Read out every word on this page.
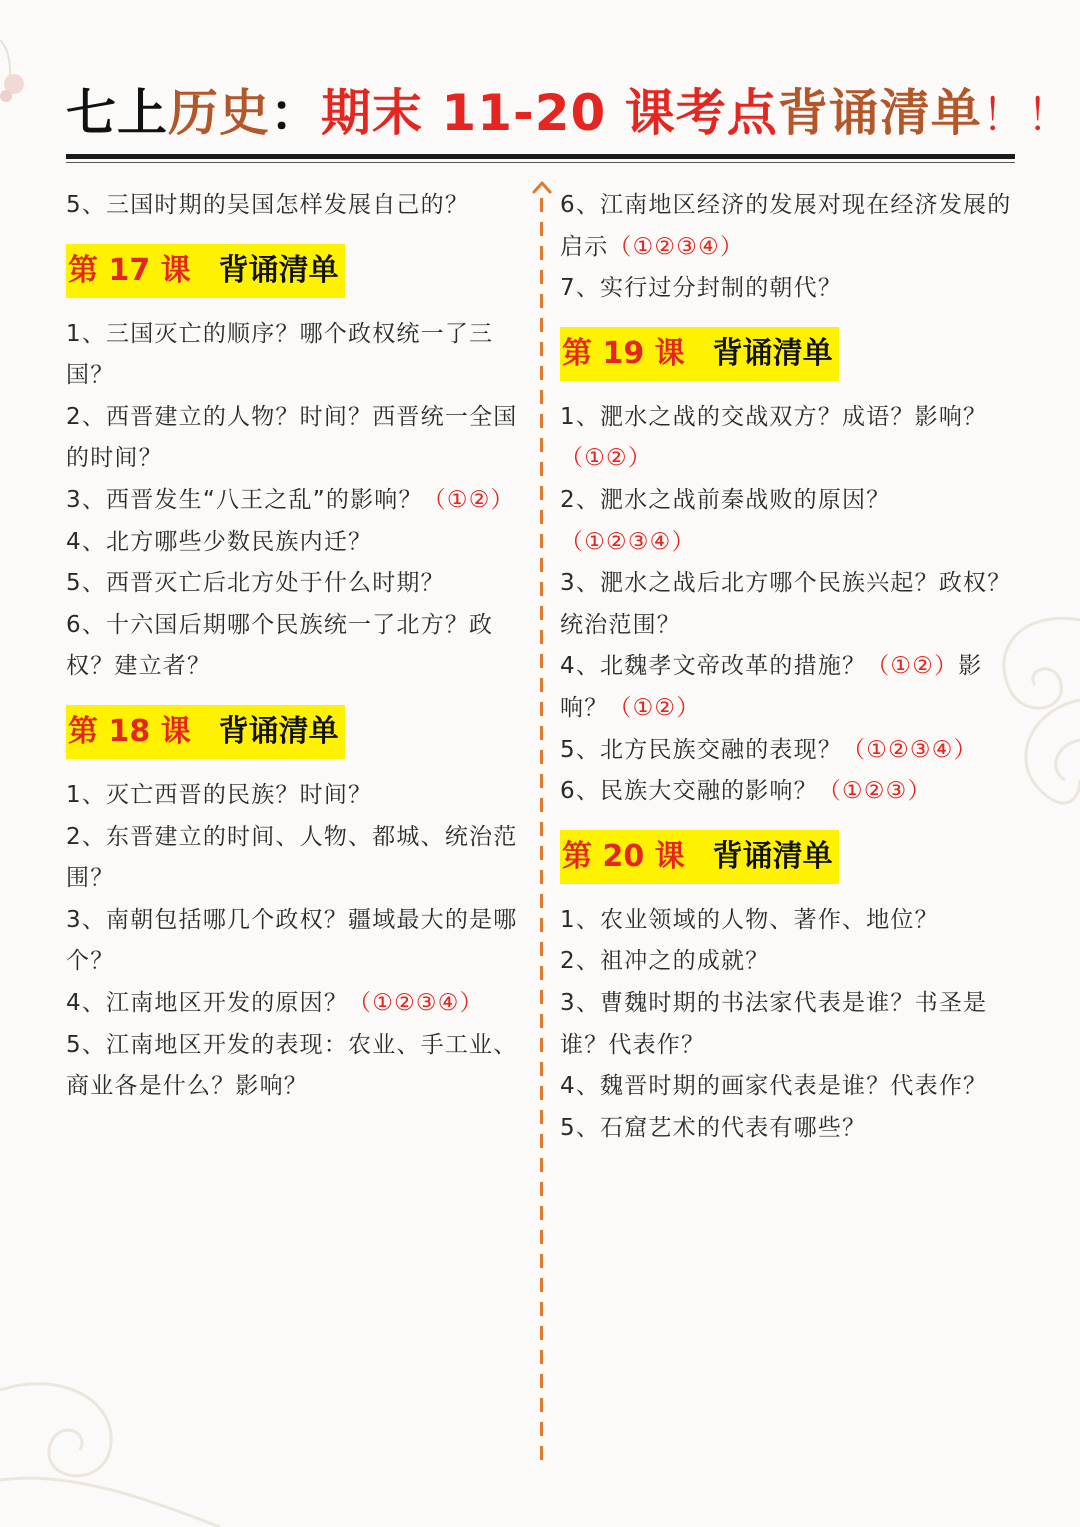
七上历史：期末 11-20 课考点背诵清单！！

5、三国时期的吴国怎样发展自己的？

第 17 课 背诵清单

1、三国灭亡的顺序？哪个政权统一了三国？

2、西晋建立的人物？时间？西晋统一全国的时间？

3、西晋发生“八王之乱”的影响？（①②）

4、北方哪些少数民族内迁？

5、西晋灭亡后北方处于什么时期？

6、十六国后期哪个民族统一了北方？政权？建立者？

第 18 课 背诵清单

1、灭亡西晋的民族？时间？

2、东晋建立的时间、人物、都城、统治范围？

3、南朝包括哪几个政权？疆域最大的是哪个？

4、江南地区开发的原因？（①②③④）

5、江南地区开发的表现：农业、手工业、商业各是什么？影响？

6、江南地区经济的发展对现在经济发展的启示（①②③④）

7、实行过分封制的朝代？

第 19 课 背诵清单

1、淝水之战的交战双方？成语？影响？（①②）

2、淝水之战前秦战败的原因？（①②③④）

3、淝水之战后北方哪个民族兴起？政权？统治范围？

4、北魏孝文帝改革的措施？（①②）影响？（①②）

5、北方民族交融的表现？（①②③④）

6、民族大交融的影响？（①②③）

第 20 课 背诵清单

1、农业领域的人物、著作、地位？

2、祖冲之的成就？

3、曹魏时期的书法家代表是谁？书圣是谁？代表作？

4、魏晋时期的画家代表是谁？代表作？

5、石窟艺术的代表有哪些？
